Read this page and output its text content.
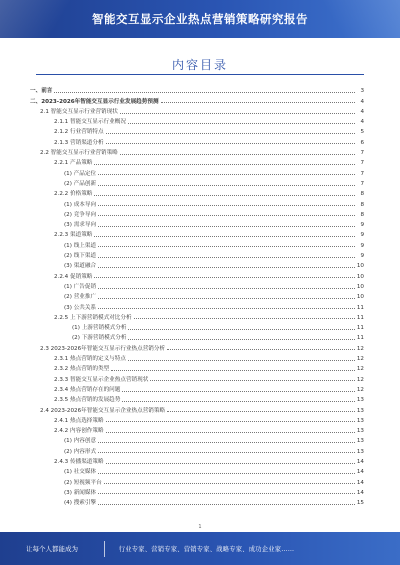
智能交互显示企业热点营销策略研究报告
内容目录
一、前言	3
二、2023-2026年智能交互显示行业发展趋势预测	4
2.1 智能交互显示行业营销现状	4
2.1.1 智能交互显示行业概况	4
2.1.2 行业营销特点	5
2.1.3 营销渠道分析	6
2.2 智能交互显示行业营销策略	7
2.2.1 产品策略	7
(1) 产品定位	7
(2) 产品创新	7
2.2.2 价格策略	8
(1) 成本导向	8
(2) 竞争导向	8
(3) 需求导向	9
2.2.3 渠道策略	9
(1) 线上渠道	9
(2) 线下渠道	9
(3) 渠道融合	10
2.2.4 促销策略	10
(1) 广告促销	10
(2) 营业推广	10
(3) 公共关系	11
2.2.5 上下游营销模式对比分析	11
(1) 上游营销模式分析	11
(2) 下游营销模式分析	11
2.3 2023-2026年智能交互显示行业热点营销分析	12
2.3.1 热点营销的定义与特点	12
2.3.2 热点营销的类型	12
2.3.3 智能交互显示企业热点营销现状	12
2.3.4 热点营销存在的问题	12
2.3.5 热点营销的发展趋势	13
2.4 2023-2026年智能交互显示企业热点营销策略	13
2.4.1 热点选择策略	13
2.4.2 内容创作策略	13
(1) 内容创意	13
(2) 内容形式	13
2.4.3 传播渠道策略	14
(1) 社交媒体	14
(2) 短视频平台	14
(3) 新闻媒体	14
(4) 搜索引擎	15
1
让每个人都能成为	行业专家、营销专家、营销专家、战略专家、成功企业家……
